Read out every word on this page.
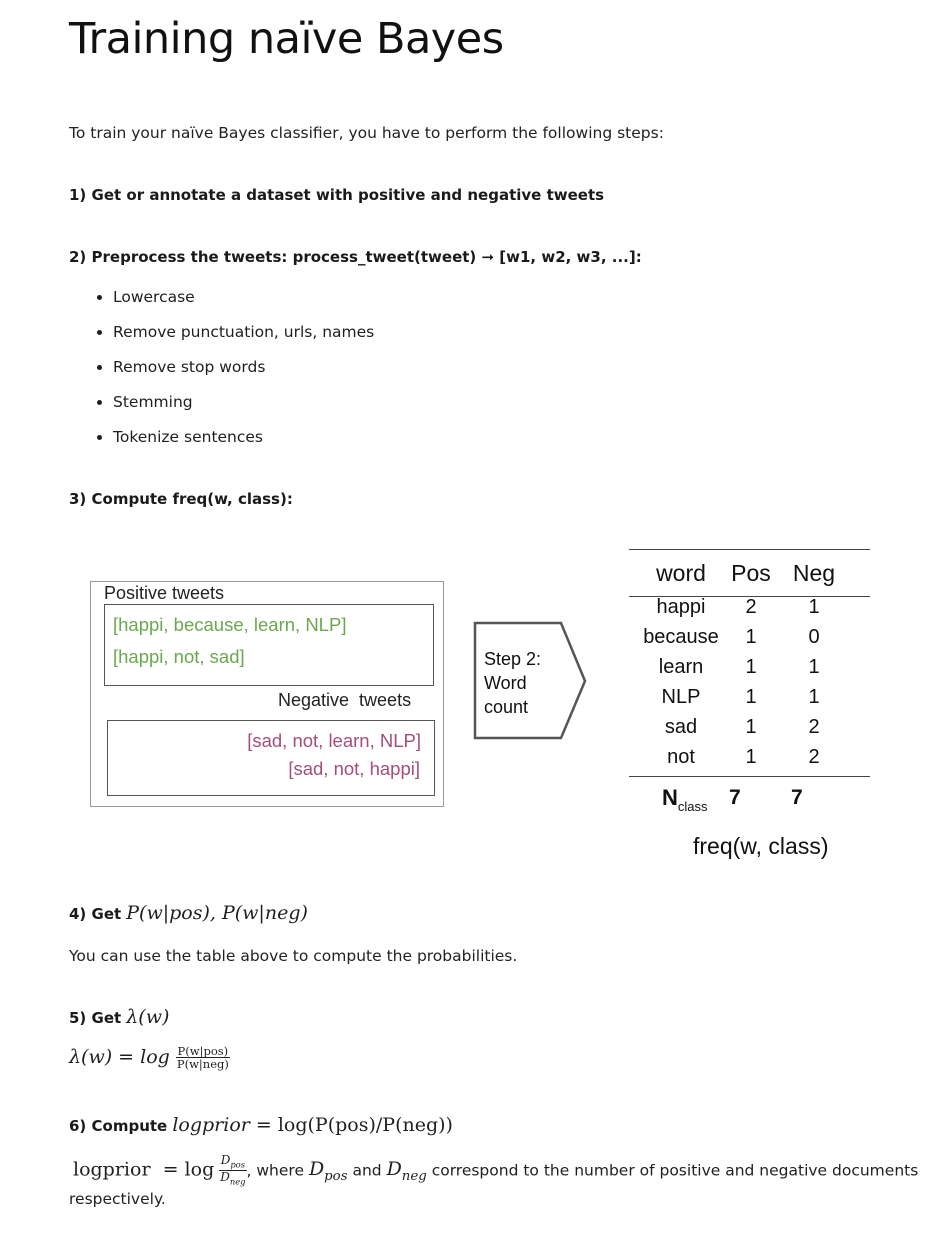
Training naïve Bayes
To train your naïve Bayes classifier, you have to perform the following steps:
1) Get or annotate a dataset with positive and negative tweets
2) Preprocess the tweets: process_tweet(tweet) ➞ [w1, w2, w3, ...]:
• Lowercase
• Remove punctuation, urls, names
• Remove stop words
• Stemming
• Tokenize sentences
3) Compute freq(w, class):
Positive tweets
[happi, because, learn, NLP]
[happi, not, sad]
Negative  tweets
[sad, not, learn, NLP]
[sad, not, happi]
Step 2:
Word
count
word	Pos Neg
happi	2	1
because	1	0
learn	1	1
NLP	1	1
sad	1	2
not	1	2
$N_{class}$ 7 7
freq(w, class)
4) Get P(w|pos), P(w|neg)
You can use the table above to compute the probabilities.
5) Get λ(w)
$\lambda(w) = \log \frac{\text{P(w|pos)}}{\text{P(w|neg)}}$
6) Compute logprior = log(P(pos)/P(neg))
logprior  = $\log \frac{D_{pos}}{D_{neg}}$ , where $D_{pos}$ and $D_{neg}$ correspond to the number of positive and negative documents
respectively.
